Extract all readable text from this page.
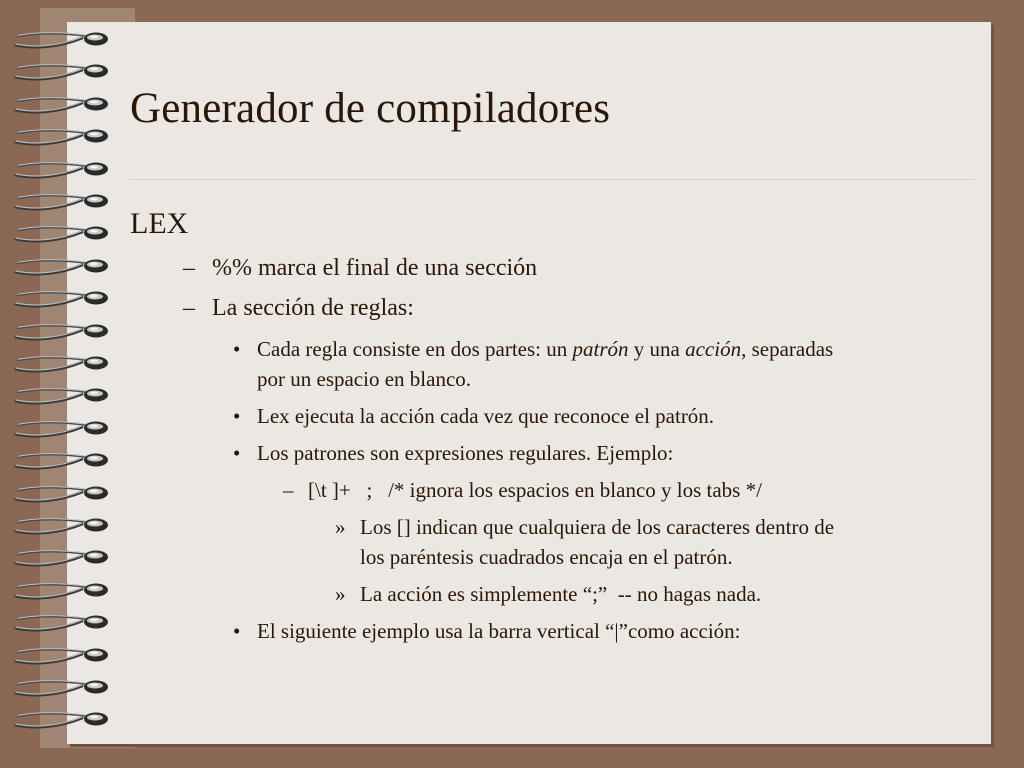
Generador de compiladores
LEX
– %% marca el final de una sección
– La sección de reglas:
• Cada regla consiste en dos partes: un patrón y una acción, separadas
por un espacio en blanco.
• Lex ejecuta la acción cada vez que reconoce el patrón.
• Los patrones son expresiones regulares. Ejemplo:
– [\t ]+   ;   /* ignora los espacios en blanco y los tabs */
» Los [] indican que cualquiera de los caracteres dentro de
los paréntesis cuadrados encaja en el patrón.
» La acción es simplemente “;”  -- no hagas nada.
• El siguiente ejemplo usa la barra vertical “|”como acción:
